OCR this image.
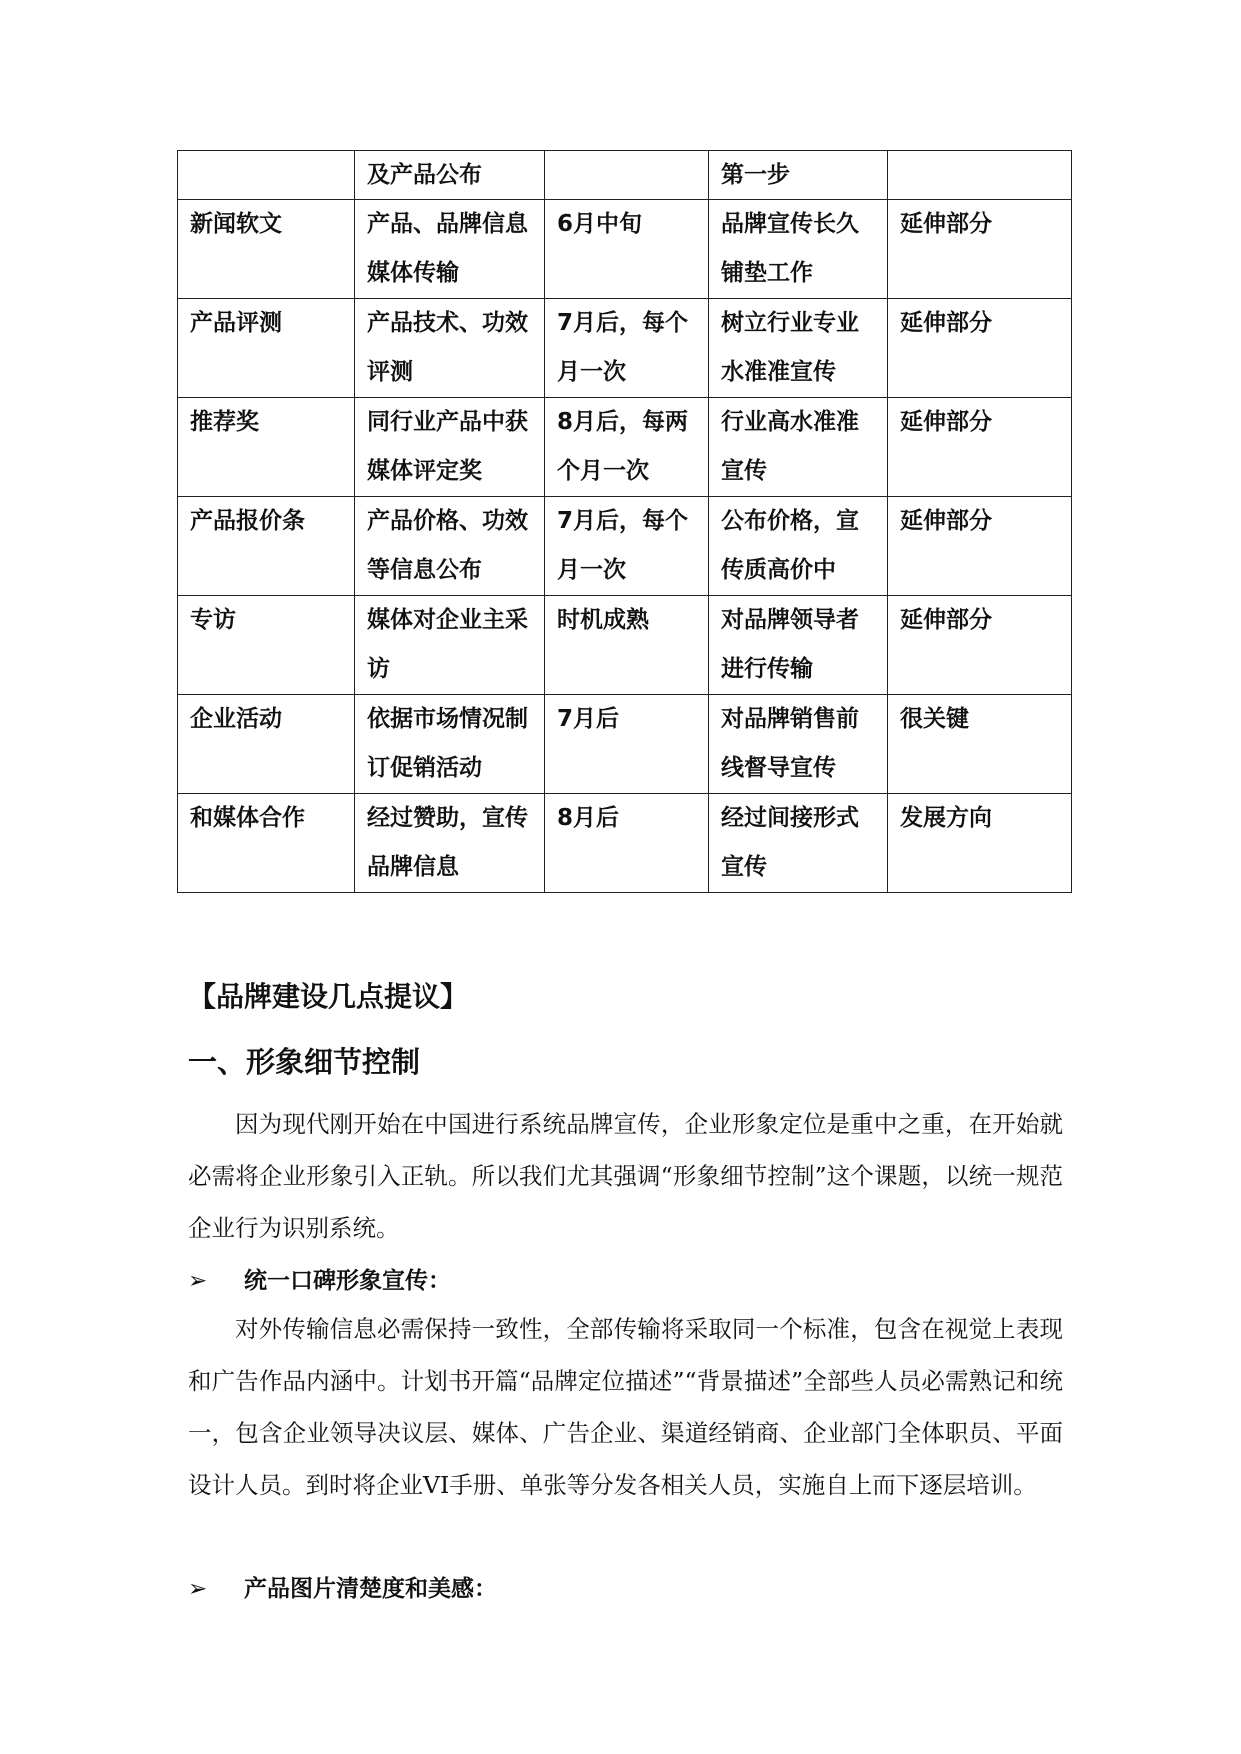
	及产品公布		第一步	
新闻软文	产品、品牌信息媒体传输	6月中旬	品牌宣传长久铺垫工作	延伸部分
产品评测	产品技术、功效评测	7月后，每个月一次	树立行业专业水准准宣传	延伸部分
推荐奖	同行业产品中获媒体评定奖	8月后，每两个月一次	行业高水准准宣传	延伸部分
产品报价条	产品价格、功效等信息公布	7月后，每个月一次	公布价格，宣传质高价中	延伸部分
专访	媒体对企业主采访	时机成熟	对品牌领导者进行传输	延伸部分
企业活动	依据市场情况制订促销活动	7月后	对品牌销售前线督导宣传	很关键
和媒体合作	经过赞助，宣传品牌信息	8月后	经过间接形式宣传	发展方向
【品牌建设几点提议】
一、形象细节控制
因为现代刚开始在中国进行系统品牌宣传，企业形象定位是重中之重，在开始就必需将企业形象引入正轨。所以我们尤其强调“形象细节控制”这个课题，以统一规范企业行为识别系统。
➢ 统一口碑形象宣传：
对外传输信息必需保持一致性，全部传输将采取同一个标准，包含在视觉上表现和广告作品内涵中。计划书开篇“品牌定位描述”“背景描述”全部些人员必需熟记和统一，包含企业领导决议层、媒体、广告企业、渠道经销商、企业部门全体职员、平面设计人员。到时将企业VI手册、单张等分发各相关人员，实施自上而下逐层培训。
➢ 产品图片清楚度和美感：
